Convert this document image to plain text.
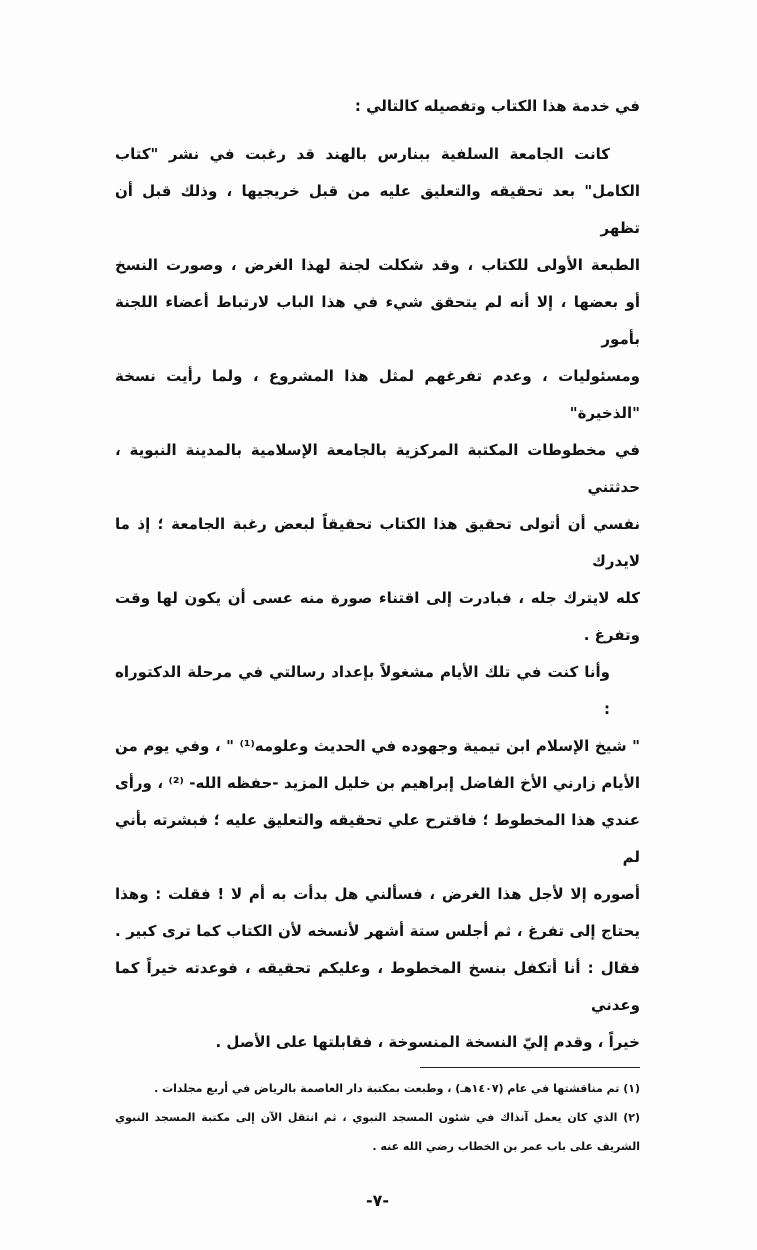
في خدمة هذا الكتاب وتفصيله كالتالي :
كانت الجامعة السلفية ببنارس بالهند قد رغبت في نشر "كتاب
الكامل" بعد تحقيقه والتعليق عليه من قبل خريجيها ، وذلك قبل أن تظهر
الطبعة الأولى للكتاب ، وقد شكلت لجنة لهذا الغرض ، وصورت النسخ
أو بعضها ، إلا أنه لم يتحقق شيء في هذا الباب لارتباط أعضاء اللجنة بأمور
ومسئوليات ، وعدم تفرغهم لمثل هذا المشروع ، ولما رأيت نسخة "الذخيرة"
في مخطوطات المكتبة المركزية بالجامعة الإسلامية بالمدينة النبوية ، حدثتني
نفسي أن أتولى تحقيق هذا الكتاب تحقيقاً لبعض رغبة الجامعة ؛ إذ ما لايدرك
كله لايترك جله ، فبادرت إلى اقتناء صورة منه عسى أن يكون لها وقت
وتفرغ .
وأنا كنت في تلك الأيام مشغولاً بإعداد رسالتي في مرحلة الدكتوراه :
" شيخ الإسلام ابن تيمية وجهوده في الحديث وعلومه⁽¹⁾ " ، وفي يوم من
الأيام زارني الأخ الفاضل إبراهيم بن خليل المزيد -حفظه الله- ⁽²⁾ ، ورأى
عندي هذا المخطوط ؛ فاقترح علي تحقيقه والتعليق عليه ؛ فبشرته بأني لم
أصوره إلا لأجل هذا الغرض ، فسألني هل بدأت به أم لا ! فقلت : وهذا
يحتاج إلى تفرغ ، ثم أجلس ستة أشهر لأنسخه لأن الكتاب كما ترى كبير .
فقال : أنا أتكفل بنسخ المخطوط ، وعليكم تحقيقه ، فوعدته خيراً كما وعدني
خيراً ، وقدم إليّ النسخة المنسوخة ، فقابلتها على الأصل .
(١) تم مناقشتها في عام (١٤٠٧هـ) ، وطبعت بمكتبة دار العاصمة بالرياض في أربع مجلدات .
(٢) الذي كان يعمل آنذاك في شئون المسجد النبوي ، ثم انتقل الآن إلى مكتبة المسجد النبوي
الشريف على باب عمر بن الخطاب رضي الله عنه .
-٧-
